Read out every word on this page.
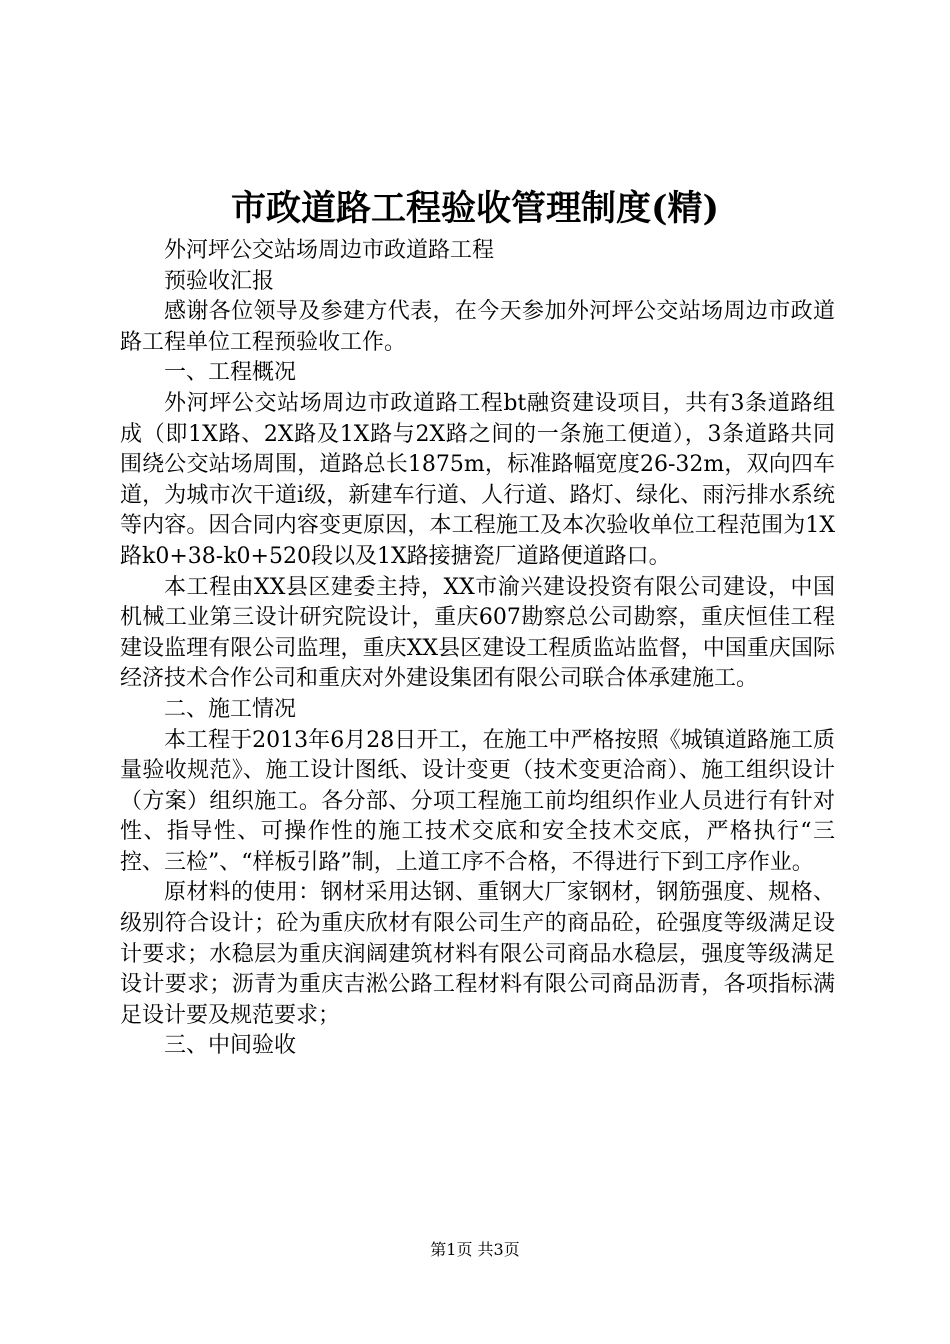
市政道路工程验收管理制度(精)

外河坪公交站场周边市政道路工程

预验收汇报

感谢各位领导及参建方代表，在今天参加外河坪公交站场周边市政道路工程单位工程预验收工作。

一、工程概况

外河坪公交站场周边市政道路工程bt融资建设项目，共有3条道路组成（即1X路、2X路及1X路与2X路之间的一条施工便道），3条道路共同围绕公交站场周围，道路总长1875m，标准路幅宽度26-32m，双向四车道，为城市次干道ⅰ级，新建车行道、人行道、路灯、绿化、雨污排水系统等内容。因合同内容变更原因，本工程施工及本次验收单位工程范围为1X路k0+38-k0+520段以及1X路接搪瓷厂道路便道路口。

本工程由XX县区建委主持，XX市渝兴建设投资有限公司建设，中国机械工业第三设计研究院设计，重庆607勘察总公司勘察，重庆恒佳工程建设监理有限公司监理，重庆XX县区建设工程质监站监督，中国重庆国际经济技术合作公司和重庆对外建设集团有限公司联合体承建施工。

二、施工情况

本工程于2013年6月28日开工，在施工中严格按照《城镇道路施工质量验收规范》、施工设计图纸、设计变更（技术变更洽商）、施工组织设计（方案）组织施工。各分部、分项工程施工前均组织作业人员进行有针对性、指导性、可操作性的施工技术交底和安全技术交底，严格执行“三控、三检”、“样板引路”制，上道工序不合格，不得进行下到工序作业。

原材料的使用：钢材采用达钢、重钢大厂家钢材，钢筋强度、规格、级别符合设计；砼为重庆欣材有限公司生产的商品砼，砼强度等级满足设计要求；水稳层为重庆润阔建筑材料有限公司商品水稳层，强度等级满足设计要求；沥青为重庆吉淞公路工程材料有限公司商品沥青，各项指标满足设计要及规范要求；

三、中间验收

第1页 共3页
